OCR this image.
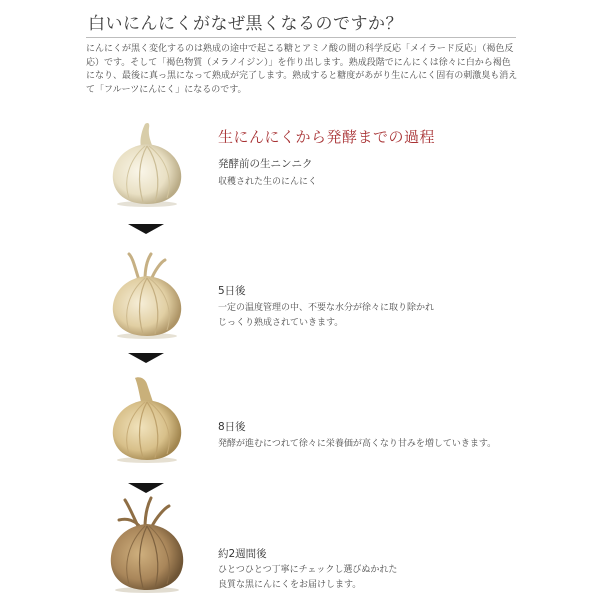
白いにんにくがなぜ黒くなるのですか？

にんにくが黒く変化するのは熟成の途中で起こる糖とアミノ酸の間の科学反応「メイラード反応」（褐色反
応）です。そして「褐色物質（メラノイジン）」を作り出します。熟成段階でにんにくは徐々に白から褐色
になり、最後に真っ黒になって熟成が完了します。熟成すると糖度があがり生にんにく固有の刺激臭も消え
て「フルーツにんにく」になるのです。

生にんにくから発酵までの過程
発酵前の生ニンニク
収穫された生のにんにく
5日後
一定の温度管理の中、不要な水分が徐々に取り除かれ
じっくり熟成されていきます。
8日後
発酵が進むにつれて徐々に栄養価が高くなり甘みを増していきます。
約2週間後
ひとつひとつ丁寧にチェックし選びぬかれた
良質な黒にんにくをお届けします。
